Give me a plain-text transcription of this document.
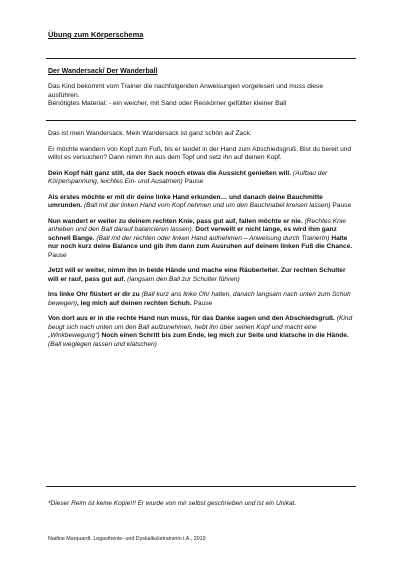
Übung zum Körperschema
Der Wandersack/ Der Wanderball
Das Kind bekommt vom Trainer die nachfolgenden Anweisungen vorgelesen und muss diese ausführen.
Benötigtes Material: - ein weicher, mit Sand oder Reiskörner gefüllter kleiner Ball

Das ist mein Wandersack. Mein Wandersack ist ganz schön auf Zack.

Er möchte wandern von Kopf zum Fuß, bis er landet in der Hand zum Abschiedsgruß. Bist du bereit und willst es versuchen? Dann nimm ihn aus dem Topf und setz ihn auf deinen Kopf.

Dein Kopf hält ganz still, da der Sack nooch etwas die Aussicht genießen will. (Aufbau der Körperspannung, leichtes Ein- und Ausatmen) Pause

Als erstes möchte er mit dir deine linke Hand erkunden… und danach deine Bauchmitte umrunden. (Ball mit der linken Hand vom Kopf nehmen und um den Bauchnabel kreisen lassen) Pause

Nun wandert er weiter zu deinem rechten Knie, pass gut auf, fallen möchte er nie. (Rechtes Knie anheben und den Ball darauf balancieren lassen). Dort verweilt er nicht lange, es wird ihm ganz schnell Bange. (Ball mit der rechten oder linken Hand aufnehmen – Anweisung durch TrainerIn) Halte nur noch kurz deine Balance und gib ihm dann zum Ausruhen auf deinem linken Fuß die Chance. Pause

Jetzt will er weiter, nimm ihn in beide Hände und mache eine Räuberleiter. Zur rechten Schulter will er rauf, pass gut auf. (langsam den Ball zur Schulter führen)

Ins linke Ohr flüstert er dir zu (Ball kurz ans linke Ohr halten, danach langsam nach unten zum Schuh bewegen), leg mich auf deinen rechten Schuh. Pause

Von dort aus er in die rechte Hand nun muss, für das Danke sagen und den Abschiedsgruß. (Kind beugt sich nach unten um den Ball aufzunehmen, hebt ihn über seinen Kopf und macht eine „Winkbewegung“) Noch einen Schritt bis zum Ende, leg mich zur Seite und klatsche in die Hände. (Ball weglegen lassen und klatschen)

*Dieser Reim ist keine Kopie!!! Er wurde von mir selbst geschrieben und ist ein Unikat.
Nadine Marquardt, Legasthenie- und Dyskalkulietrainerin i.A., 2019
